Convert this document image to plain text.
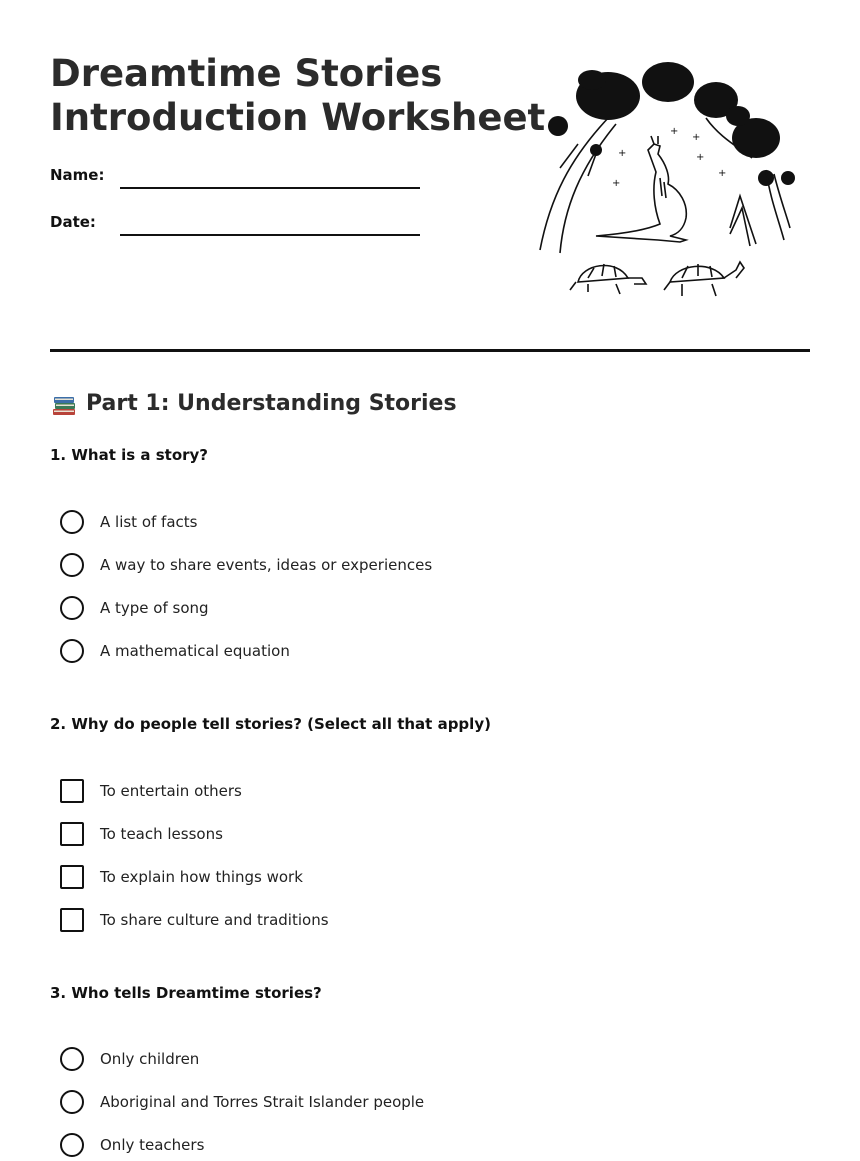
Dreamtime Stories
Introduction Worksheet
Name:
Date:
+
+
+
+
+
+
Part 1: Understanding Stories
1. What is a story?
A list of facts
A way to share events, ideas or experiences
A type of song
A mathematical equation
2. Why do people tell stories? (Select all that apply)
To entertain others
To teach lessons
To explain how things work
To share culture and traditions
3. Who tells Dreamtime stories?
Only children
Aboriginal and Torres Strait Islander people
Only teachers
